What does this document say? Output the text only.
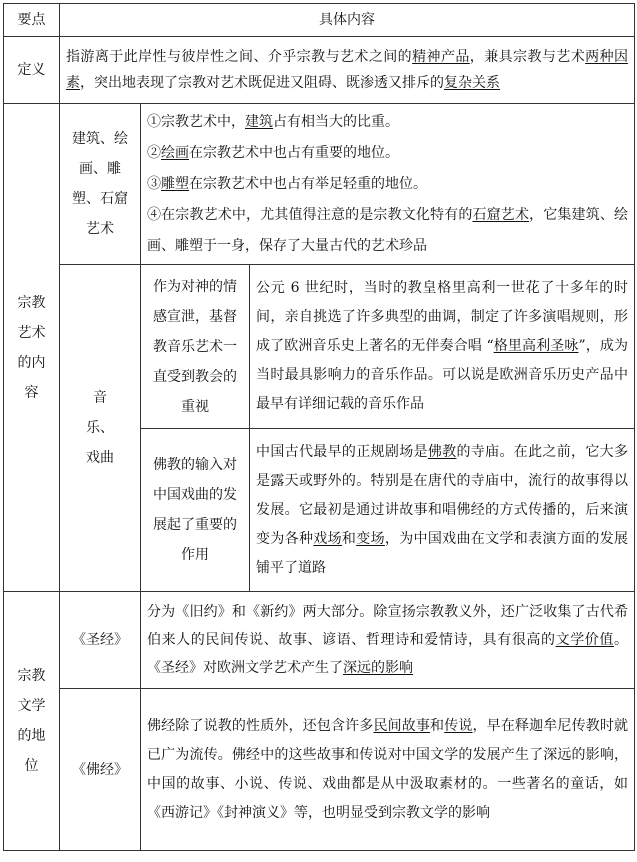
要点	具体内容		
定义	指游离于此岸性与彼岸性之间、介乎宗教与艺术之间的精神产品，兼具宗教与艺术两种因素，突出地表现了宗教对艺术既促进又阻碍、既渗透又排斥的复杂关系		
宗教艺术的内容	建筑、绘画、雕塑、石窟艺术	①宗教艺术中，建筑占有相当大的比重。
②绘画在宗教艺术中也占有重要的地位。
③雕塑在宗教艺术中也占有举足轻重的地位。
④在宗教艺术中，尤其值得注意的是宗教文化特有的石窟艺术，它集建筑、绘画、雕塑于一身，保存了大量古代的艺术珍品	

	音乐、戏曲	作为对神的情感宣泄，基督教音乐艺术一直受到教会的重视	公元 6 世纪时，当时的教皇格里高利一世花了十多年的时间，亲自挑选了许多典型的曲调，制定了许多演唱规则，形成了欧洲音乐史上著名的无伴奏合唱 “格里高利圣咏”，成为当时最具影响力的音乐作品。可以说是欧洲音乐历史产品中最早有详细记载的音乐作品
		佛教的输入对中国戏曲的发展起了重要的作用	中国古代最早的正规剧场是佛教的寺庙。在此之前，它大多是露天或野外的。特别是在唐代的寺庙中，流行的故事得以发展。它最初是通过讲故事和唱佛经的方式传播的，后来演变为各种戏场和变场，为中国戏曲在文学和表演方面的发展铺平了道路
宗教文学的地位	《圣经》	分为《旧约》和《新约》两大部分。除宣扬宗教教义外，还广泛收集了古代希伯来人的民间传说、故事、谚语、哲理诗和爱情诗，具有很高的文学价值。《圣经》对欧洲文学艺术产生了深远的影响	
	《佛经》	佛经除了说教的性质外，还包含许多民间故事和传说，早在释迦牟尼传教时就已广为流传。佛经中的这些故事和传说对中国文学的发展产生了深远的影响，中国的故事、小说、传说、戏曲都是从中汲取素材的。一些著名的童话，如《西游记》《封神演义》等，也明显受到宗教文学的影响	
